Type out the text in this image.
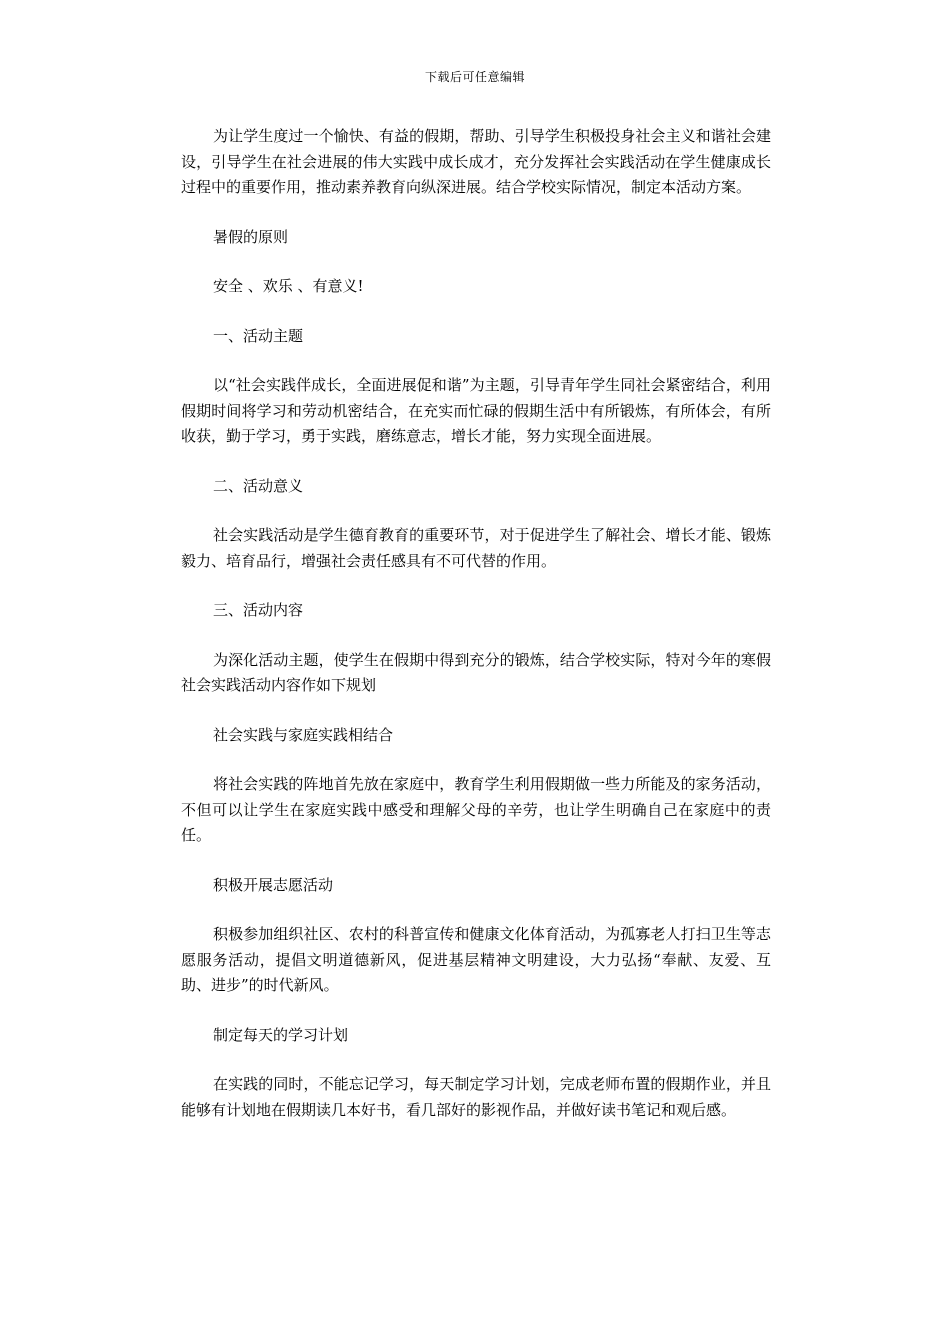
下载后可任意编辑

为让学生度过一个愉快、有益的假期，帮助、引导学生积极投身社会主义和谐社会建设，引导学生在社会进展的伟大实践中成长成才，充分发挥社会实践活动在学生健康成长过程中的重要作用，推动素养教育向纵深进展。结合学校实际情况，制定本活动方案。

暑假的原则

安全 、欢乐 、有意义!

一、活动主题

以“社会实践伴成长，全面进展促和谐”为主题，引导青年学生同社会紧密结合，利用假期时间将学习和劳动机密结合，在充实而忙碌的假期生活中有所锻炼，有所体会，有所收获，勤于学习，勇于实践，磨练意志，增长才能，努力实现全面进展。

二、活动意义

社会实践活动是学生德育教育的重要环节，对于促进学生了解社会、增长才能、锻炼毅力、培育品行，增强社会责任感具有不可代替的作用。

三、活动内容

为深化活动主题，使学生在假期中得到充分的锻炼，结合学校实际，特对今年的寒假社会实践活动内容作如下规划

社会实践与家庭实践相结合

将社会实践的阵地首先放在家庭中，教育学生利用假期做一些力所能及的家务活动，不但可以让学生在家庭实践中感受和理解父母的辛劳，也让学生明确自己在家庭中的责任。

积极开展志愿活动

积极参加组织社区、农村的科普宣传和健康文化体育活动，为孤寡老人打扫卫生等志愿服务活动，提倡文明道德新风，促进基层精神文明建设，大力弘扬“奉献、友爱、互助、进步”的时代新风。

制定每天的学习计划

在实践的同时，不能忘记学习，每天制定学习计划，完成老师布置的假期作业，并且能够有计划地在假期读几本好书，看几部好的影视作品，并做好读书笔记和观后感。
